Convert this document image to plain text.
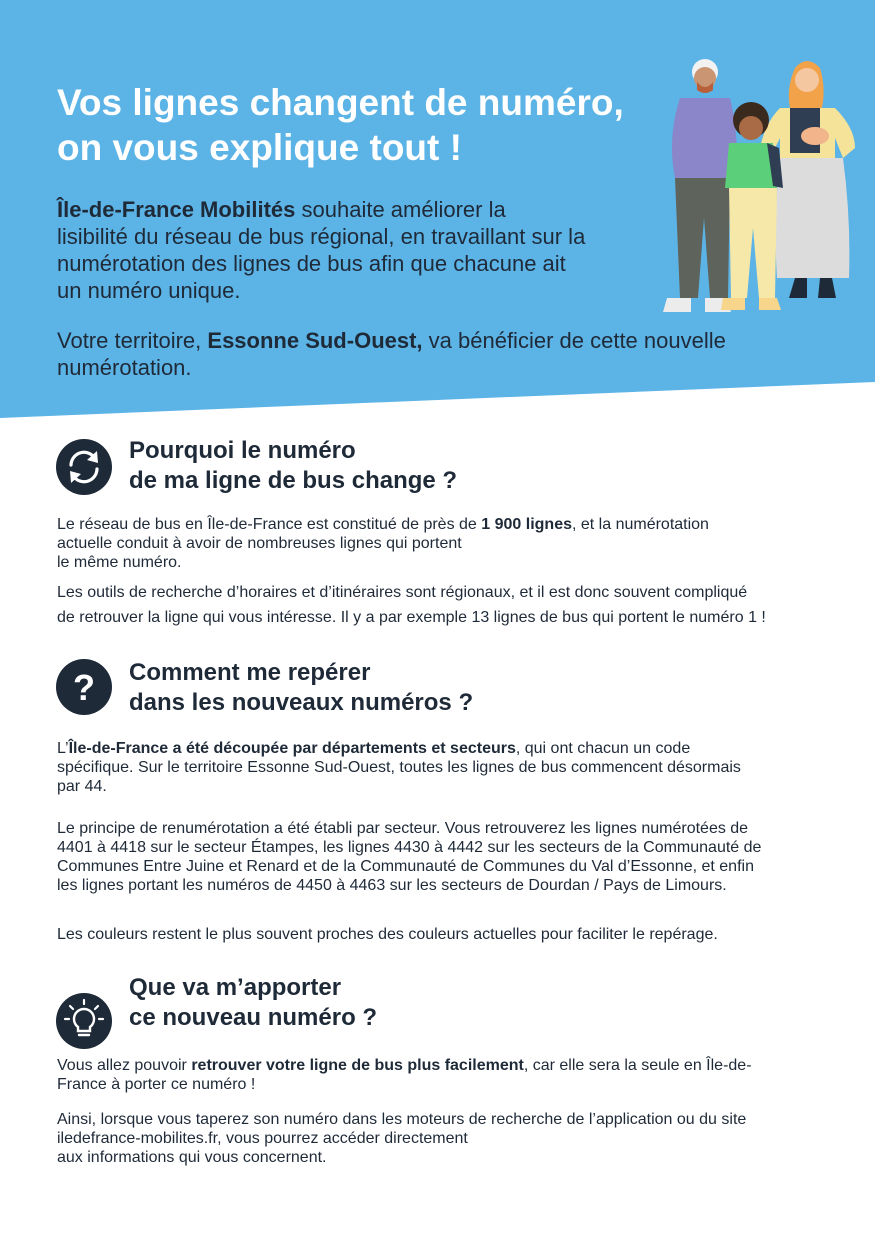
Vos lignes changent de numéro,
on vous explique tout !

Île-de-France Mobilités souhaite améliorer la
lisibilité du réseau de bus régional, en travaillant sur la
numérotation des lignes de bus afin que chacune ait
un numéro unique.

Votre territoire, Essonne Sud-Ouest, va bénéficier de cette nouvelle
numérotation.

Pourquoi le numéro
de ma ligne de bus change ?

Le réseau de bus en Île-de-France est constitué de près de 1 900 lignes, et la numérotation
actuelle conduit à avoir de nombreuses lignes qui portent
le même numéro.

Les outils de recherche d’horaires et d’itinéraires sont régionaux, et il est donc souvent compliqué
de retrouver la ligne qui vous intéresse. Il y a par exemple 13 lignes de bus qui portent le numéro 1 !

? Comment me repérer
dans les nouveaux numéros ?

L’Île-de-France a été découpée par départements et secteurs, qui ont chacun un code
spécifique. Sur le territoire Essonne Sud-Ouest, toutes les lignes de bus commencent désormais
par 44.

Le principe de renumérotation a été établi par secteur. Vous retrouverez les lignes numérotées de
4401 à 4418 sur le secteur Étampes, les lignes 4430 à 4442 sur les secteurs de la Communauté de
Communes Entre Juine et Renard et de la Communauté de Communes du Val d’Essonne, et enfin
les lignes portant les numéros de 4450 à 4463 sur les secteurs de Dourdan / Pays de Limours.

Les couleurs restent le plus souvent proches des couleurs actuelles pour faciliter le repérage.

Que va m’apporter
ce nouveau numéro ?

Vous allez pouvoir retrouver votre ligne de bus plus facilement, car elle sera la seule en Île-de-
France à porter ce numéro !

Ainsi, lorsque vous taperez son numéro dans les moteurs de recherche de l’application ou du site
iledefrance-mobilites.fr, vous pourrez accéder directement
aux informations qui vous concernent.
